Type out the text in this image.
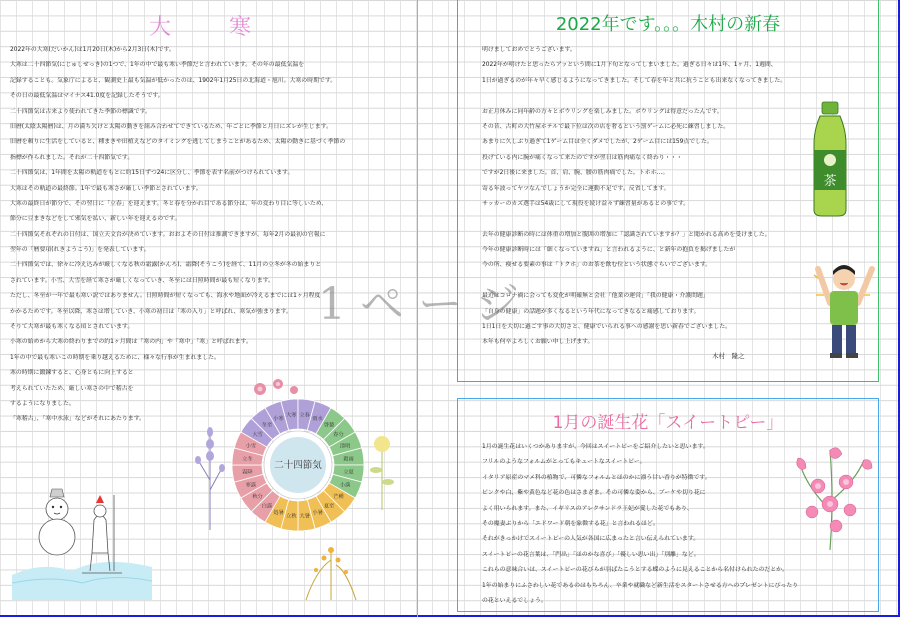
大　寒
2022年の大寒(だいかん)は1月20日(木)から2月3日(木)です。
大寒は二十四節気(にじゅしせっき)の1つで、1年の中で最も寒い季節だと言われています。その年の最低気温を
記録することも。気象庁によると、観測史上最も気温が低かったのは、1902年1月25日の北海道・旭川。大寒の時期です。
その日の最低気温はマイナス41.0度を記録したそうです。
二十四節気は古来より使われてきた季節の標識です。
旧暦(太陰太陽暦)は、月の満ち欠けと太陽の動きを組み合わせてできているため、年ごとに季節と月日にズレが生じます。
旧暦を頼りに生活をしていると、種まきや田植えなどのタイミングを逃してしまうことがあるため、太陽の動きに基づく季節の
指標が作られました。それが二十四節気です。
二十四節気は、1年間を太陽の軌道をもとに約15日ずつ24に区分し、季節を表す名前がつけられています。
大寒はその軌道の最終節。1年で最も寒さが厳しい季節とされています。
大寒の最終日が節分で、その翌日に「立春」を迎えます。冬と春を分かれ目である節分は、年の変わり目に等しいため、
節分に豆まきなどをして邪気を払い、新しい年を迎えるのです。
二十四節気それぞれの日付は、国立天文台が決めています。おおよその日付は推測できますが、毎年2月の最初の官報に
翌年の「暦要項(れきようこう)」を発表しています。
二十四節気では、徐々に冷え込みが厳しくなる秋の霜露(かんろ)、霜降(そうこう)を経て、11月の立冬が冬の始まりと
されています。小雪、大雪を経て寒さが厳しくなっていき、冬至には日照時間が最も短くなります。
ただし、冬至が一年で最も寒い訳ではありません。日照時間が短くなっても、海水や地面が冷えるまでには1ヶ月程度
かかるためです。冬至以降、寒さは増していき、小寒の初日は「寒の入り」と呼ばれ、寒気が強まります。
そりて大寒が最も寒くなる頃とされています。
小寒の始めから大寒の終わりまでの約1ヶ月間は「寒の内」や「寒中」「寒」と呼ばれます。
1年の中で最も寒いこの時期を乗り越えるために、様々な行事が生まれました。
寒の時期に鍛錬すると、心身ともに向上すると
考えられていたため、厳しい寒さの中で稽古を
するようになりました。
「寒稽古」、「寒中水泳」などがそれにあたります。	小寒
大寒 立春
雨水
啓蟄
春分
清明
穀雨
立夏
小満
芒種
夏至
小暑
大暑
立秋
処暑
白露
秋分
寒露
霜降
立冬
小雪
大雪
冬至
二十四節気
2022年です。。。木村の新春
明けましておめでとうございます。
2022年が明けたと思ったらアッという間に1月下旬となってしまいました。過ぎる日々は1年、1ヶ月、1週間、
1日が過ぎるのが年々早く感じるようになってきました。そして春を年と共に抗うことも出来なくなってきました。
お正月休みに同年齢の方々とボウリングを楽しみました。ボウリングは得意だったんです。
その昔、古町の大竹屋ホテルで最下位は次の店を奢るという罰ゲームに必死に練習しました。
あまりに久しぶり過ぎて1ゲーム目は全くダメでしたが、2ゲーム目には159点でした。
投げている内に腕が痛くなって来たのですが翌日は筋肉痛なく終わり・・・
ですが2日後に来ました。首、肩、腕、腰の筋肉痛でした。トホホ…。
寄る年波ってヤツなんでしょうか完全に運動不足です。反省してます。
サッカーのカズ選手は54歳にして現役を続け益々ず練習量があるとの事です。
去年の健康診断の時には体重の増加と腹囲の増加に「認識されていますか？」と聞かれる高めを受けました。
今年の健康診断時には「細くなっていますね」と言われるように、と新年の抱負を掲げましたが
今の所、痩せる要素の事は「トクホ」のお茶を飲む位という状態ぐらいでございます。
最近はコロナ禍に会っても変化が明確無と会社「他業の運営」「我の健康・介護問題」
「自身の健康」の話題が多くなるという年代になってきなると痛感しております。
1日1日を大切に過ごす事の大切さと、健康でいられる事への感謝を思い新春でございました。
本年も何卒よろしくお願い申し上げます。
木村　隆之
茶
1月の誕生花「スイートピー」
1月の誕生花はいくつかありますが、今回はスイートピーをご紹介したいと思います。
フリルのようなフォルムがとってもキュートなスイートピー。
イタリア原産のマメ科の植物で、可憐なフォルムとほのかに漂う甘い香りが特徴です。
ピンクや白、紫や黄色など花の色はさまざま。その可憐な姿から、ブーケや切り花に
よく用いられます。また、イギリスのアレクサンドラ王妃が愛した花でもあり、
その魔妻ぶりから「エドワード朝を象徴する花」と言われるほど。
それがきっかけでスイートピーの人気が各国に広まったと言い伝えられています。
スイートピーの花言葉は、「門出」「ほのかな喜び」「優しい思い出」「別離」など。
これらの意味合いは、スイートピーの花びらが羽ばたこうとする蝶のように見えることから名付けられたのだとか。
1年の始まりにふさわしい花であるのはもちろん、卒業や就職など新生活をスタートさせる方へのプレゼントにぴったり
の花といえるでしょう。
1ページ
